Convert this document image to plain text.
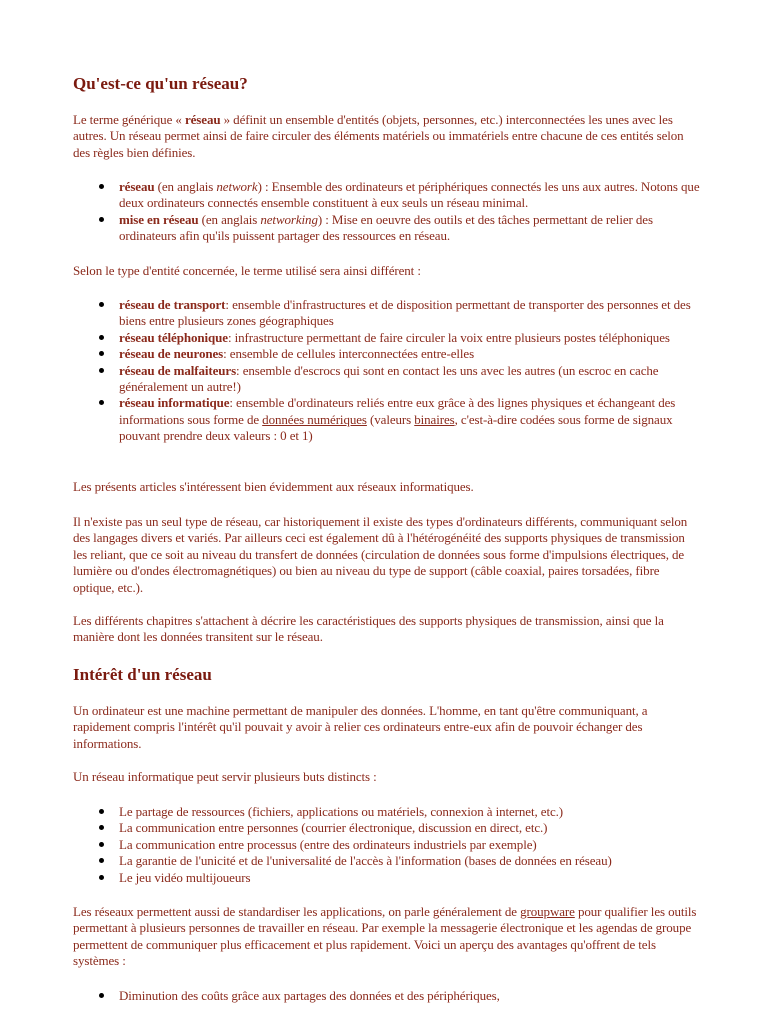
Qu'est-ce qu'un réseau?

Le terme générique « réseau » définit un ensemble d'entités (objets, personnes, etc.) interconnectées les unes avec les autres. Un réseau permet ainsi de faire circuler des éléments matériels ou immatériels entre chacune de ces entités selon des règles bien définies.

réseau (en anglais network) : Ensemble des ordinateurs et périphériques connectés les uns aux autres. Notons que deux ordinateurs connectés ensemble constituent à eux seuls un réseau minimal.
mise en réseau (en anglais networking) : Mise en oeuvre des outils et des tâches permettant de relier des ordinateurs afin qu'ils puissent partager des ressources en réseau.

Selon le type d'entité concernée, le terme utilisé sera ainsi différent :

réseau de transport: ensemble d'infrastructures et de disposition permettant de transporter des personnes et des biens entre plusieurs zones géographiques
réseau téléphonique: infrastructure permettant de faire circuler la voix entre plusieurs postes téléphoniques
réseau de neurones: ensemble de cellules interconnectées entre-elles
réseau de malfaiteurs: ensemble d'escrocs qui sont en contact les uns avec les autres (un escroc en cache généralement un autre!)
réseau informatique: ensemble d'ordinateurs reliés entre eux grâce à des lignes physiques et échangeant des informations sous forme de données numériques (valeurs binaires, c'est-à-dire codées sous forme de signaux pouvant prendre deux valeurs : 0 et 1)

Les présents articles s'intéressent bien évidemment aux réseaux informatiques.

Il n'existe pas un seul type de réseau, car historiquement il existe des types d'ordinateurs différents, communiquant selon des langages divers et variés. Par ailleurs ceci est également dû à l'hétérogénéité des supports physiques de transmission les reliant, que ce soit au niveau du transfert de données (circulation de données sous forme d'impulsions électriques, de lumière ou d'ondes électromagnétiques) ou bien au niveau du type de support (câble coaxial, paires torsadées, fibre optique, etc.).

Les différents chapitres s'attachent à décrire les caractéristiques des supports physiques de transmission, ainsi que la manière dont les données transitent sur le réseau.

Intérêt d'un réseau

Un ordinateur est une machine permettant de manipuler des données. L'homme, en tant qu'être communiquant, a rapidement compris l'intérêt qu'il pouvait y avoir à relier ces ordinateurs entre-eux afin de pouvoir échanger des informations.

Un réseau informatique peut servir plusieurs buts distincts :

Le partage de ressources (fichiers, applications ou matériels, connexion à internet, etc.)
La communication entre personnes (courrier électronique, discussion en direct, etc.)
La communication entre processus (entre des ordinateurs industriels par exemple)
La garantie de l'unicité et de l'universalité de l'accès à l'information (bases de données en réseau)
Le jeu vidéo multijoueurs

Les réseaux permettent aussi de standardiser les applications, on parle généralement de groupware pour qualifier les outils permettant à plusieurs personnes de travailler en réseau. Par exemple la messagerie électronique et les agendas de groupe permettent de communiquer plus efficacement et plus rapidement. Voici un aperçu des avantages qu'offrent de tels systèmes :

Diminution des coûts grâce aux partages des données et des périphériques,
